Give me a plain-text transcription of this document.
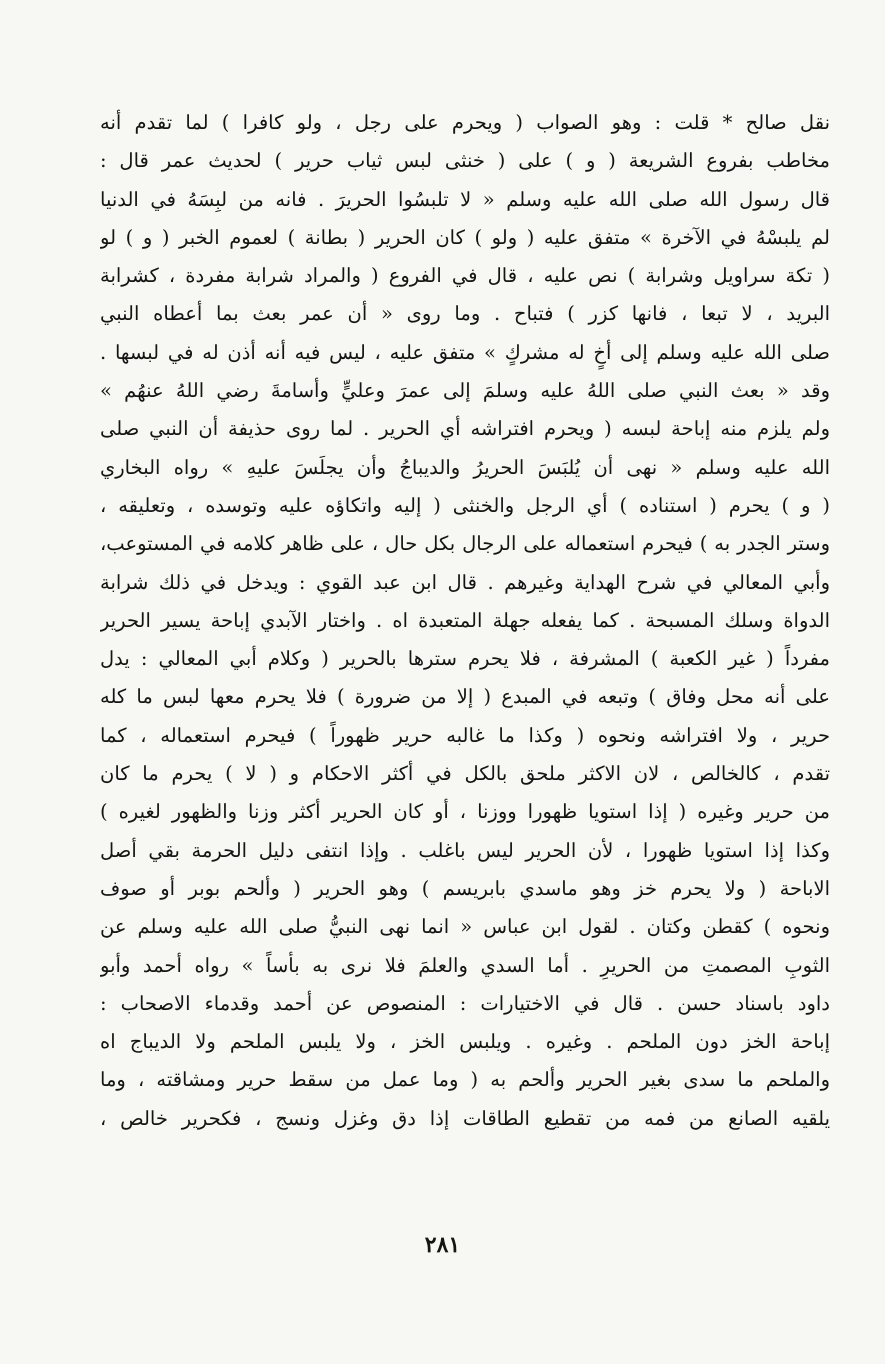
نقل صالح * قلت : وهو الصواب ( ويحرم على رجل ، ولو كافرا ) لما تقدم أنه
مخاطب بفروع الشريعة ( و ) على ( خنثى لبس ثياب حرير ) لحديث عمر قال :
قال رسول الله صلى الله عليه وسلم « لا تلبسُوا الحريرَ . فانه من لبِسَهُ في الدنيا
لم يلبسْهُ في الآخرة » متفق عليه ( ولو ) كان الحرير ( بطانة ) لعموم الخبر ( و ) لو
( تكة سراويل وشرابة ) نص عليه ، قال في الفروع ( والمراد شرابة مفردة ، كشرابة
البريد ، لا تبعا ، فانها كزر ) فتباح . وما روى « أن عمر بعث بما أعطاه النبي
صلى الله عليه وسلم إلى أخٍ له مشركٍ » متفق عليه ، ليس فيه أنه أذن له في لبسها .
وقد « بعث النبي صلى اللهُ عليه وسلمَ إلى عمرَ وعليٍّ وأسامةَ رضي اللهُ عنهُم »
ولم يلزم منه إباحة لبسه ( ويحرم افتراشه أي الحرير . لما روى حذيفة أن النبي صلى
الله عليه وسلم « نهى أن يُلبَسَ الحريرُ والديباجُ وأن يجلَسَ عليهِ » رواه البخاري
( و ) يحرم ( استناده ) أي الرجل والخنثى ( إليه واتكاؤه عليه وتوسده ، وتعليقه ،
وستر الجدر به ) فيحرم استعماله على الرجال بكل حال ، على ظاهر كلامه في المستوعب،
وأبي المعالي في شرح الهداية وغيرهم . قال ابن عبد القوي : ويدخل في ذلك شرابة
الدواة وسلك المسبحة . كما يفعله جهلة المتعبدة اه . واختار الآبدي إباحة يسير الحرير
مفرداً ( غير الكعبة ) المشرفة ، فلا يحرم سترها بالحرير ( وكلام أبي المعالي : يدل
على أنه محل وفاق ) وتبعه في المبدع ( إلا من ضرورة ) فلا يحرم معها لبس ما كله
حرير ، ولا افتراشه ونحوه ( وكذا ما غالبه حرير ظهوراً ) فيحرم استعماله ، كما
تقدم ، كالخالص ، لان الاكثر ملحق بالكل في أكثر الاحكام و ( لا ) يحرم ما كان
من حرير وغيره ( إذا استويا ظهورا ووزنا ، أو كان الحرير أكثر وزنا والظهور لغيره )
وكذا إذا استويا ظهورا ، لأن الحرير ليس باغلب . وإذا انتفى دليل الحرمة بقي أصل
الاباحة ( ولا يحرم خز وهو ماسدي بابريسم ) وهو الحرير ( وألحم بوبر أو صوف
ونحوه ) كقطن وكتان . لقول ابن عباس « انما نهى النبيُّ صلى الله عليه وسلم عن
الثوبِ المصمتِ من الحريرِ . أما السدي والعلمَ فلا نرى به بأساً » رواه أحمد وأبو
داود باسناد حسن . قال في الاختيارات : المنصوص عن أحمد وقدماء الاصحاب :
إباحة الخز دون الملحم . وغيره . ويلبس الخز ، ولا يلبس الملحم ولا الديباج اه
والملحم ما سدى بغير الحرير وألحم به ( وما عمل من سقط حرير ومشاقته ، وما
يلقيه الصانع من فمه من تقطيع الطاقات إذا دق وغزل ونسج ، فكحرير خالص ،
٢٨١
